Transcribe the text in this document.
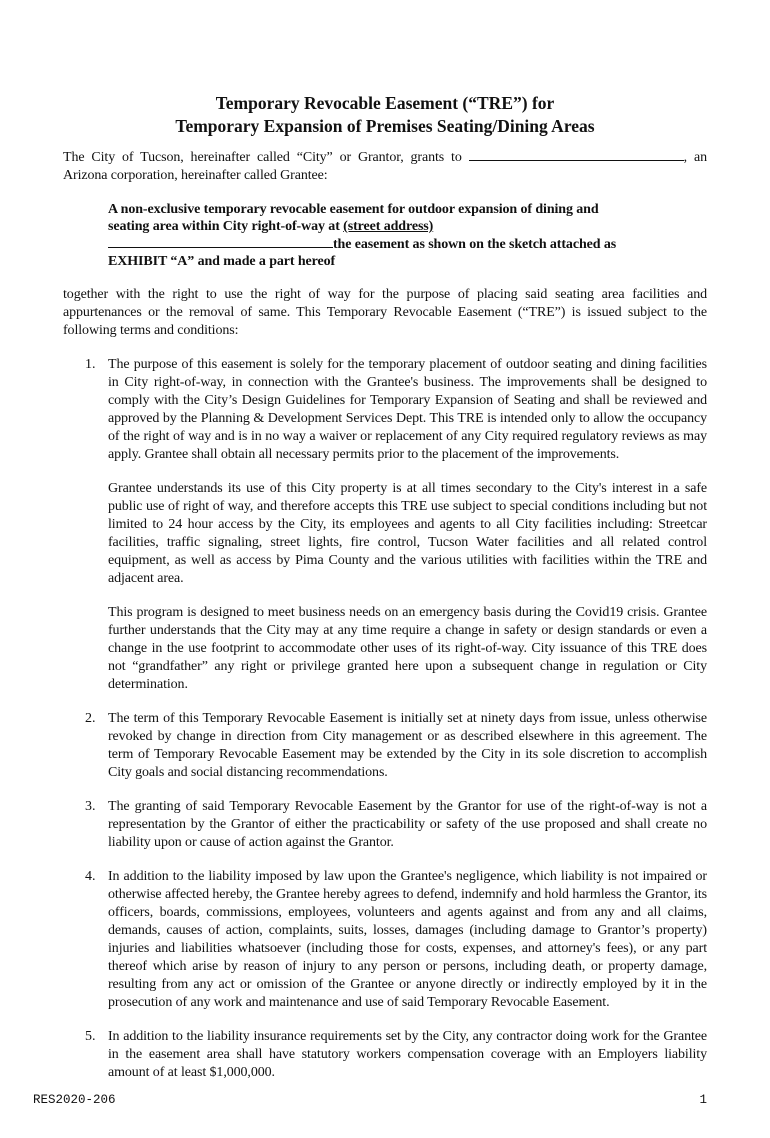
Temporary Revocable Easement (“TRE”) for
Temporary Expansion of Premises Seating/Dining Areas
The City of Tucson, hereinafter called “City” or Grantor, grants to	, an Arizona corporation, hereinafter called Grantee:
A non-exclusive temporary revocable easement for outdoor expansion of dining and seating area within City right-of-way at (street address)the easement as shown on the sketch attached as EXHIBIT “A” and made a part hereof
together with the right to use the right of way for the purpose of placing said seating area facilities and appurtenances or the removal of same. This Temporary Revocable Easement (“TRE”) is issued subject to the following terms and conditions:
1. The purpose of this easement is solely for the temporary placement of outdoor seating and dining facilities in City right-of-way, in connection with the Grantee's business. The improvements shall be designed to comply with the City’s Design Guidelines for Temporary Expansion of Seating and shall be reviewed and approved by the Planning & Development Services Dept. This TRE is intended only to allow the occupancy of the right of way and is in no way a waiver or replacement of any City required regulatory reviews as may apply. Grantee shall obtain all necessary permits prior to the placement of the improvements.
Grantee understands its use of this City property is at all times secondary to the City's interest in a safe public use of right of way, and therefore accepts this TRE use subject to special conditions including but not limited to 24 hour access by the City, its employees and agents to all City facilities including: Streetcar facilities, traffic signaling, street lights, fire control, Tucson Water facilities and all related control equipment, as well as access by Pima County and the various utilities with facilities within the TRE and adjacent area.
This program is designed to meet business needs on an emergency basis during the Covid19 crisis. Grantee further understands that the City may at any time require a change in safety or design standards or even a change in the use footprint to accommodate other uses of its right-of-way. City issuance of this TRE does not “grandfather” any right or privilege granted here upon a subsequent change in regulation or City determination.
2. The term of this Temporary Revocable Easement is initially set at ninety days from issue, unless otherwise revoked by change in direction from City management or as described elsewhere in this agreement. The term of Temporary Revocable Easement may be extended by the City in its sole discretion to accomplish City goals and social distancing recommendations.
3. The granting of said Temporary Revocable Easement by the Grantor for use of the right-of-way is not a representation by the Grantor of either the practicability or safety of the use proposed and shall create no liability upon or cause of action against the Grantor.
4. In addition to the liability imposed by law upon the Grantee's negligence, which liability is not impaired or otherwise affected hereby, the Grantee hereby agrees to defend, indemnify and hold harmless the Grantor, its officers, boards, commissions, employees, volunteers and agents against and from any and all claims, demands, causes of action, complaints, suits, losses, damages (including damage to Grantor’s property) injuries and liabilities whatsoever (including those for costs, expenses, and attorney's fees), or any part thereof which arise by reason of injury to any person or persons, including death, or property damage, resulting from any act or omission of the Grantee or anyone directly or indirectly employed by it in the prosecution of any work and maintenance and use of said Temporary Revocable Easement.
5. In addition to the liability insurance requirements set by the City, any contractor doing work for the Grantee in the easement area shall have statutory workers compensation coverage with an Employers liability amount of at least $1,000,000.
RES2020-206	1
